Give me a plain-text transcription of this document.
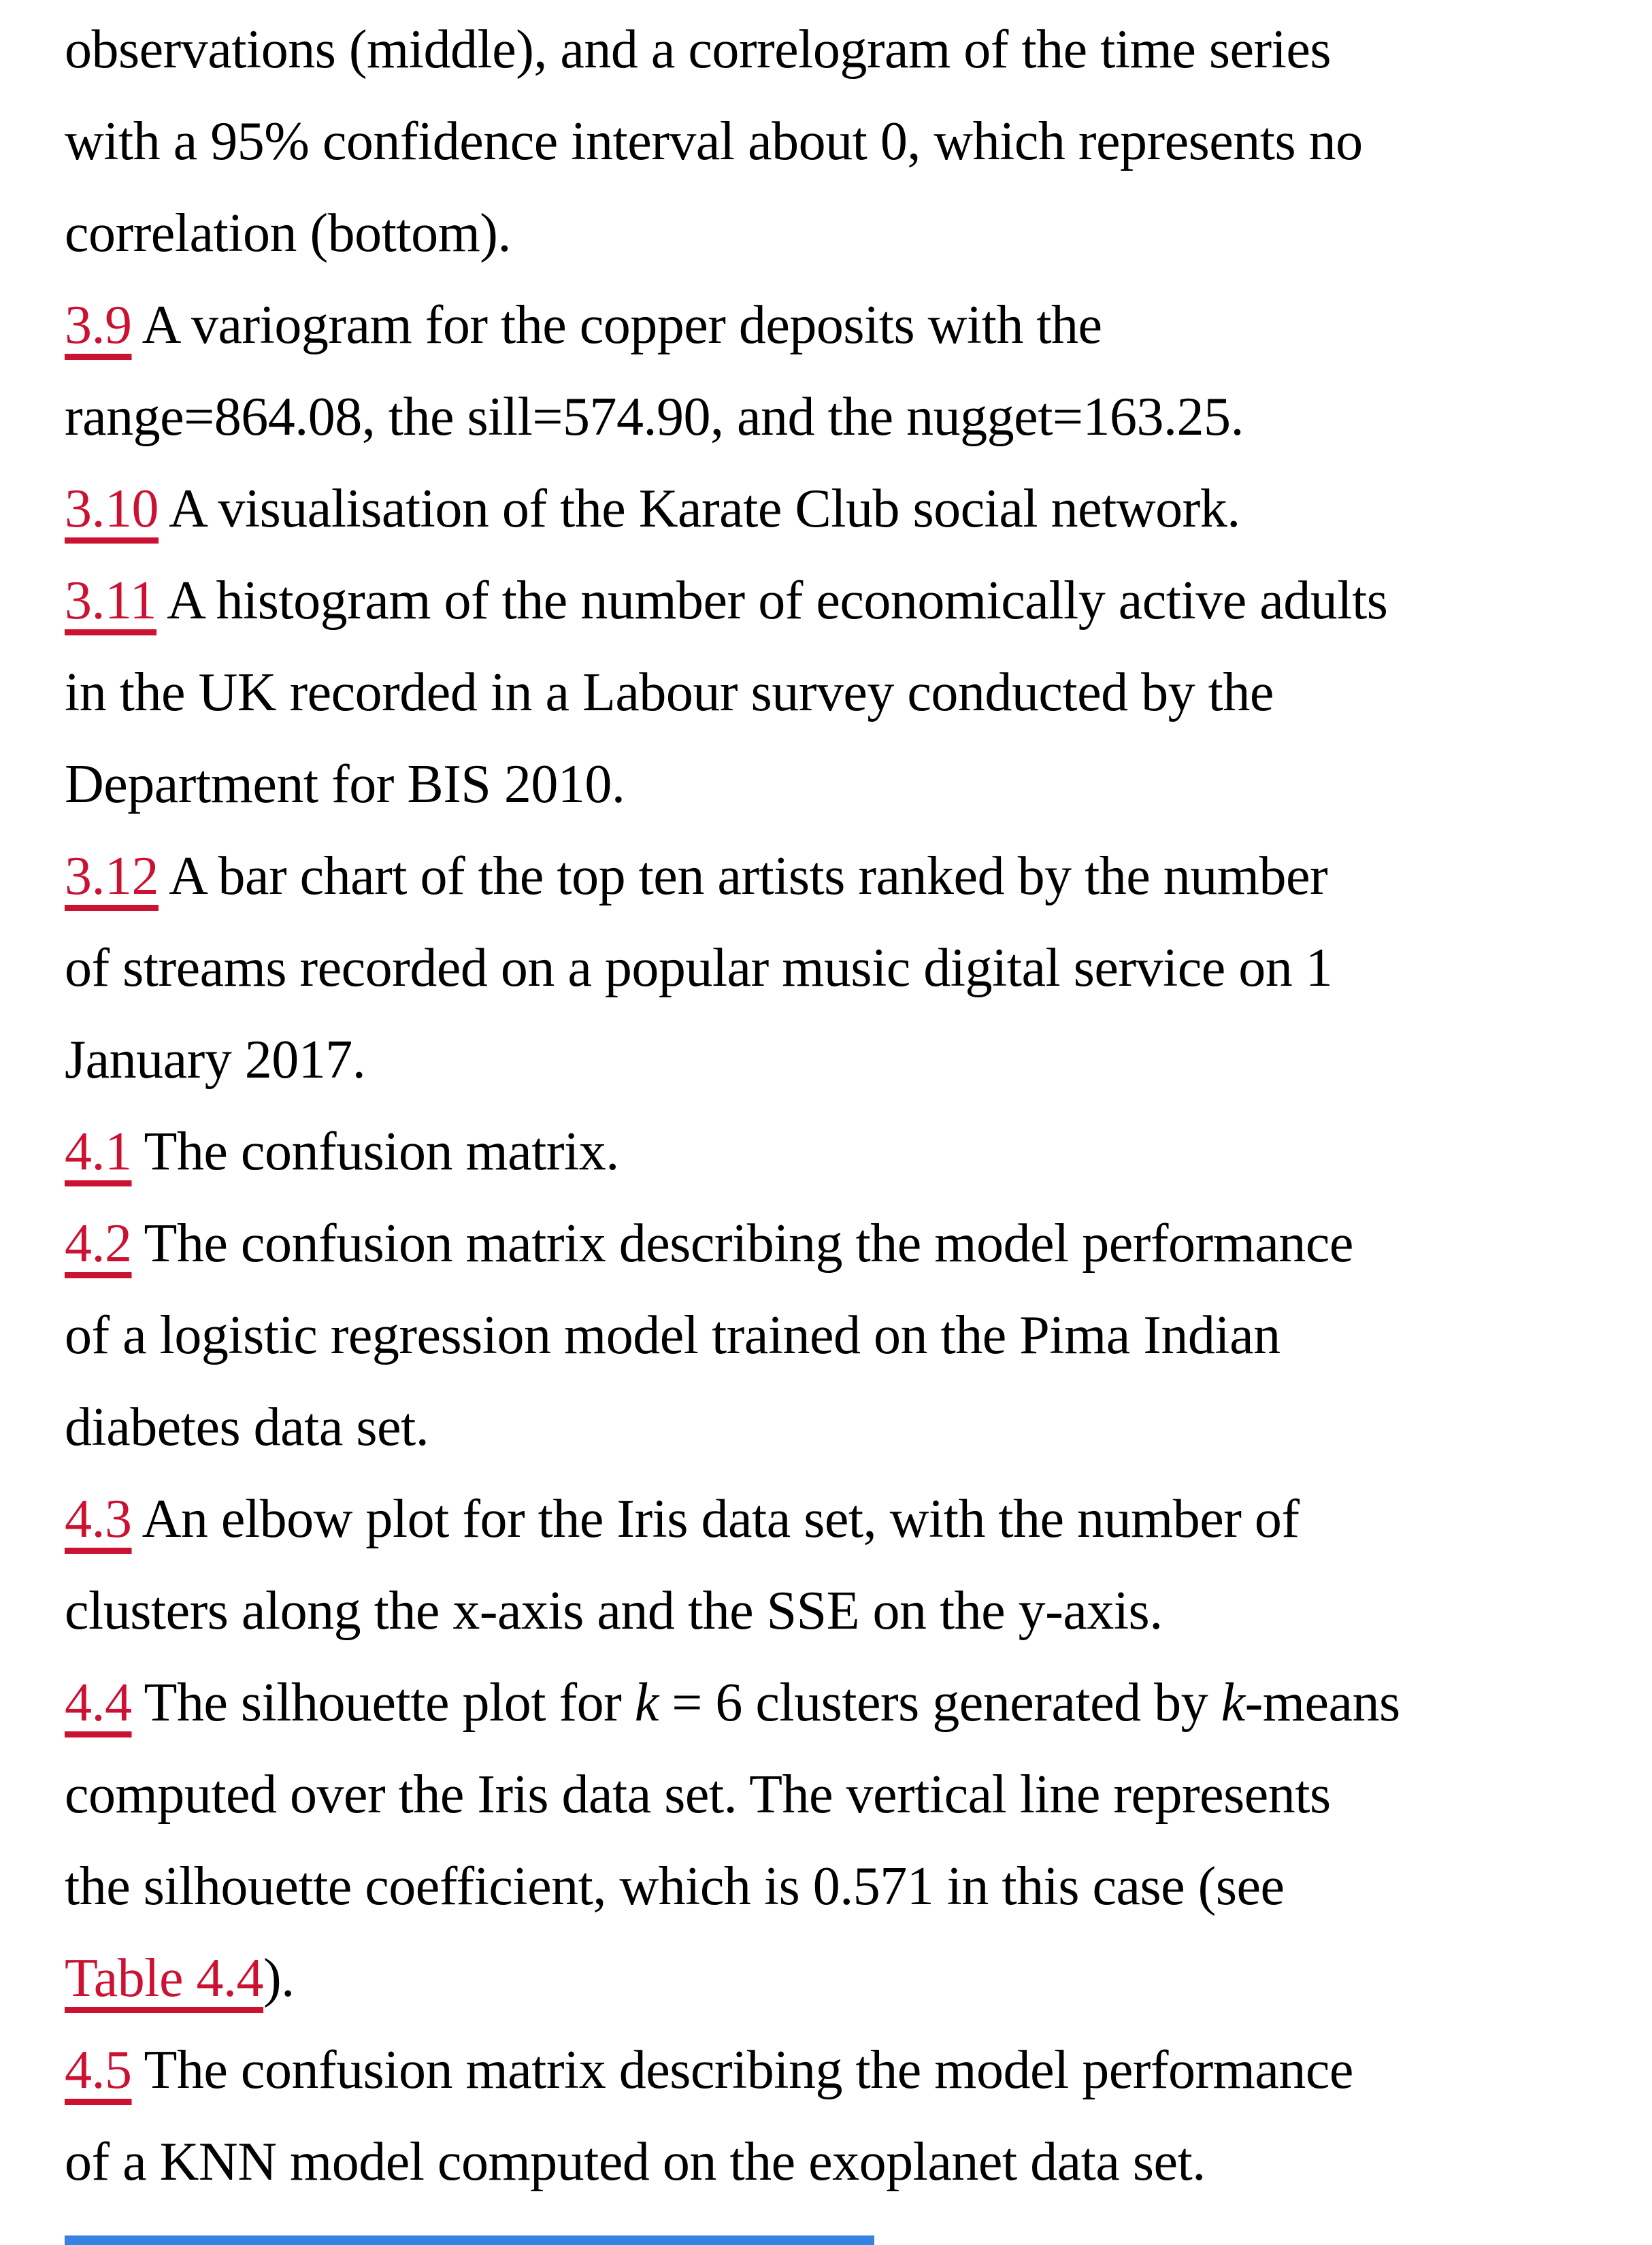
observations (middle), and a correlogram of the time series
with a 95% confidence interval about 0, which represents no
correlation (bottom).

3.9 A variogram for the copper deposits with the
range=864.08, the sill=574.90, and the nugget=163.25.

3.10 A visualisation of the Karate Club social network.

3.11 A histogram of the number of economically active adults
in the UK recorded in a Labour survey conducted by the
Department for BIS 2010.

3.12 A bar chart of the top ten artists ranked by the number
of streams recorded on a popular music digital service on 1
January 2017.

4.1 The confusion matrix.

4.2 The confusion matrix describing the model performance
of a logistic regression model trained on the Pima Indian
diabetes data set.

4.3 An elbow plot for the Iris data set, with the number of
clusters along the x-axis and the SSE on the y-axis.

4.4 The silhouette plot for k = 6 clusters generated by k-means
computed over the Iris data set. The vertical line represents
the silhouette coefficient, which is 0.571 in this case (see
Table 4.4).

4.5 The confusion matrix describing the model performance
of a KNN model computed on the exoplanet data set.
